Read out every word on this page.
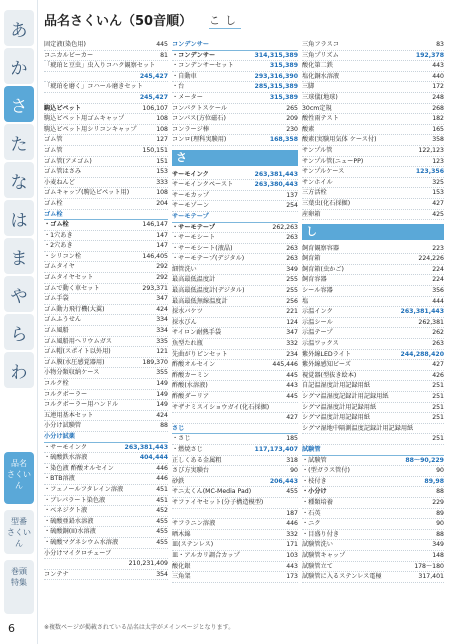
あ
か
さ
た
な
は
ま
や
ら
わ
品名
さくいん
型番
さくいん
巻頭
特集
品名さくいん（50音順）	こし
固定液(染色用)	445
コニカルビーカー	81
「琥珀と豆虫」虫入りコハク観察セット
245,427
「琥珀を磨く」コハール磨きセット
245,427
駒込ピペット	106,107
駒込ピペット用ゴムキャップ	108
駒込ピペット用シリコンキャップ	108
ゴム管	127
ゴム管	150,151
ゴム管(アメゴム)	151
ゴム管はさみ	153
小麦ねんど	333
ゴムキャップ(駒込ピペット用)	108
ゴム栓	204
ゴム栓
・ゴム栓	146,147
・1穴あき	147
・2穴あき	147
・シリコン栓	146,405
ゴムタイヤ	292
ゴムタイヤセット	292
ゴムで動く車セット	293,371
ゴム手袋	347
ゴム動力飛行機(大翼)	424
ゴムふうせん	334
ゴム風船	334
ゴム風船用ヘリウムガス	335
ゴム帽(スポイト以外用)	121
ゴム膜(水圧感覚器用)	189,370
小物分類収納ケース	355
コルク栓	149
コルクボーラー	149
コルクボーラー用ハンドル	149
五連用基本セット	424
小分け試験管	88
小分け試薬
・サーモインク	263,381,443
・硫酸鉄水溶液	404,444
・染色液 酢酸オルセイン	446
・BTB溶液	446
・フェノールフタレイン溶液	451
・ブレパラート染色液	451
・ベネジクト液	452
・硫酸亜鉛水溶液	455
・硫酸銅(II)水溶液	455
・硫酸マグネシウム水溶液	455
小分けマイクロチューブ
210,231,409
コンテナ	354
コンデンサー
・コンデンサー	314,315,389
・コンデンサーセット	315,389
・自動車	293,316,390
・台	285,315,389
・メーター	315,389
コンパクトスケール	265
コンパス(方位磁石)	209
コンラージ棒	230
コンロ(理科実験用)	168,358
さ
サーモインク	263,381,443
サーモインクペースト	263,380,443
サーモカップ	137
サーモゾーン	254
サーモテープ
・サーモテープ	262,263
・サーモシート	263
・サーモシート(液晶)	263
・サーモテープ(デジタル)	263
細管洗い	349
最高最低温度計	255
最高最低温度計(デジタル)	255
最高最低無線温度計	256
採水バケツ	221
採水びん	124
サイロン耐熱手袋	347
魚型たれ瓶	332
先曲がりピンセット	234
酢酸オルセイン	445,446
酢酸カーミン	445
酢酸(水溶液)	443
酢酸ダーリア	445
サザナミスイショウガイ(化石採掘)
427
さじ
・さじ	185
・燃焼さじ	117,173,407
正しくある金属粗	318
さび方実験台	90
砂鉄	206,443
サニ太くん(MC-Media Pad)	455
サファイヤセット(分子構造模型)
187
サフラニン溶液	446
晒木綿	332
皿(ステンレス)	171
皿・アルカリ調合カップ	103
酸化銀	443
三角架	173
三角フラスコ	83
三角プリズム	192,378
酸化第二鉄	443
塩化銅水溶液	440
三脚	172
三球儀(地球)	248
30cm定規	268
酸性雨テスト	182
酸素	165
酸素(実験用気体 ケース付)	358
サンプル管	122,123
サンプル管(ニューPP)	123
サンプルケース	123,356
サンホイル	325
三方活栓	153
三葉虫(化石採掘)	427
産卵箱	425
し
飼育観察容器	223
飼育箱	224,226
飼育箱(虫かご)	224
飼育容器	224
シール容器	356
塩	444
示温インク	263,381,443
示温シール	262,381
示温テープ	262
示温ワックス	263
紫外線LEDライト	244,288,420
紫外線感知ビーズ	427
視覚器(型抜き絵本)	426
自記温湿度計用記録用紙	251
シグマ温湿度記録計用記録用紙	251
シグマ温湿度計用記録用紙	251
シグマ温度計用記録用紙	251
シグマ湿地中隔測温度記録計用記録用紙
251
試験管
・試験管	88〜90,229
・(型ガラス管付)	90
・枝付き	89,98
・小分け	88
・種類培養	229
・石英	89
・ニク	90
・目盛り付き	88
試験管洗い	349
試験管キャップ	148
試験管立て	178〜180
試験管に入るステンレス電極	317,401
6	※複数ページが掲載されている品名は太字がメインページとなります。
